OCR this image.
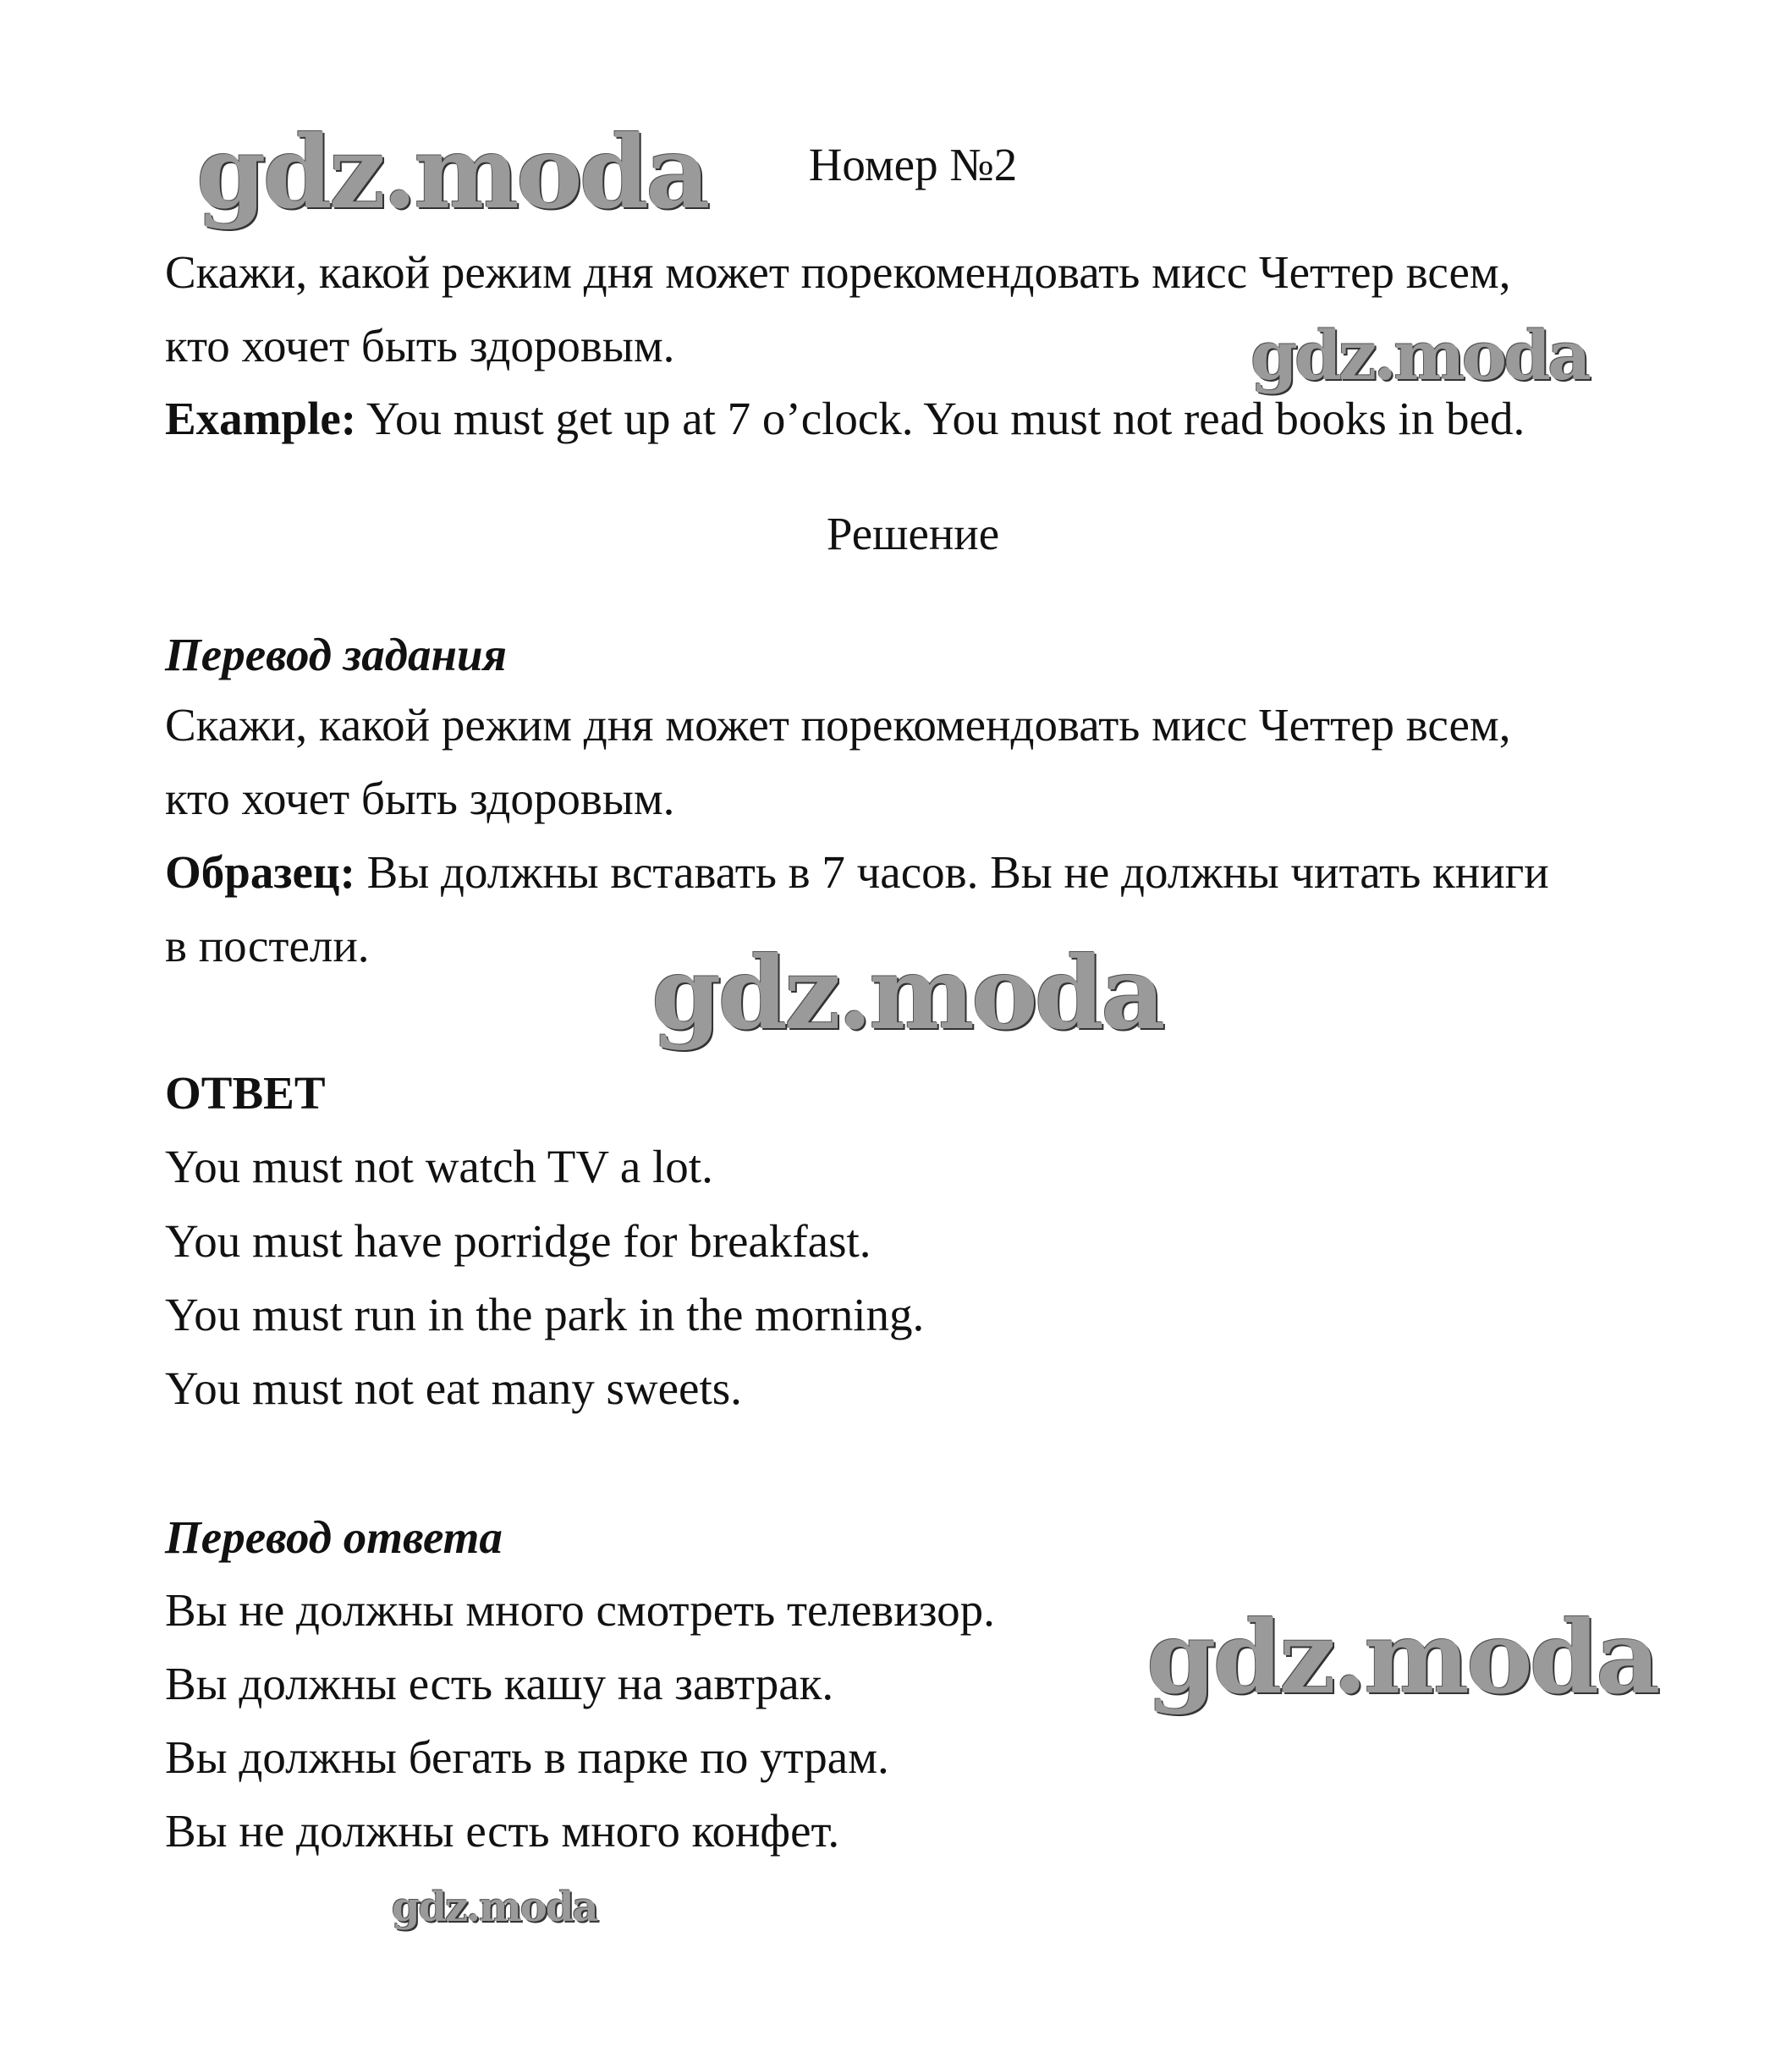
gdz.moda
gdz.moda
gdz.moda
gdz.moda
gdz.moda
Номер №2
Скажи, какой режим дня может порекомендовать мисс Четтер всем,
кто хочет быть здоровым.
Example: You must get up at 7 o’clock. You must not read books in bed.
Решение
Перевод задания
Скажи, какой режим дня может порекомендовать мисс Четтер всем,
кто хочет быть здоровым.
Образец: Вы должны вставать в 7 часов. Вы не должны читать книги
в постели.
ОТВЕТ
You must not watch TV a lot.
You must have porridge for breakfast.
You must run in the park in the morning.
You must not eat many sweets.
Перевод ответа
Вы не должны много смотреть телевизор.
Вы должны есть кашу на завтрак.
Вы должны бегать в парке по утрам.
Вы не должны есть много конфет.
